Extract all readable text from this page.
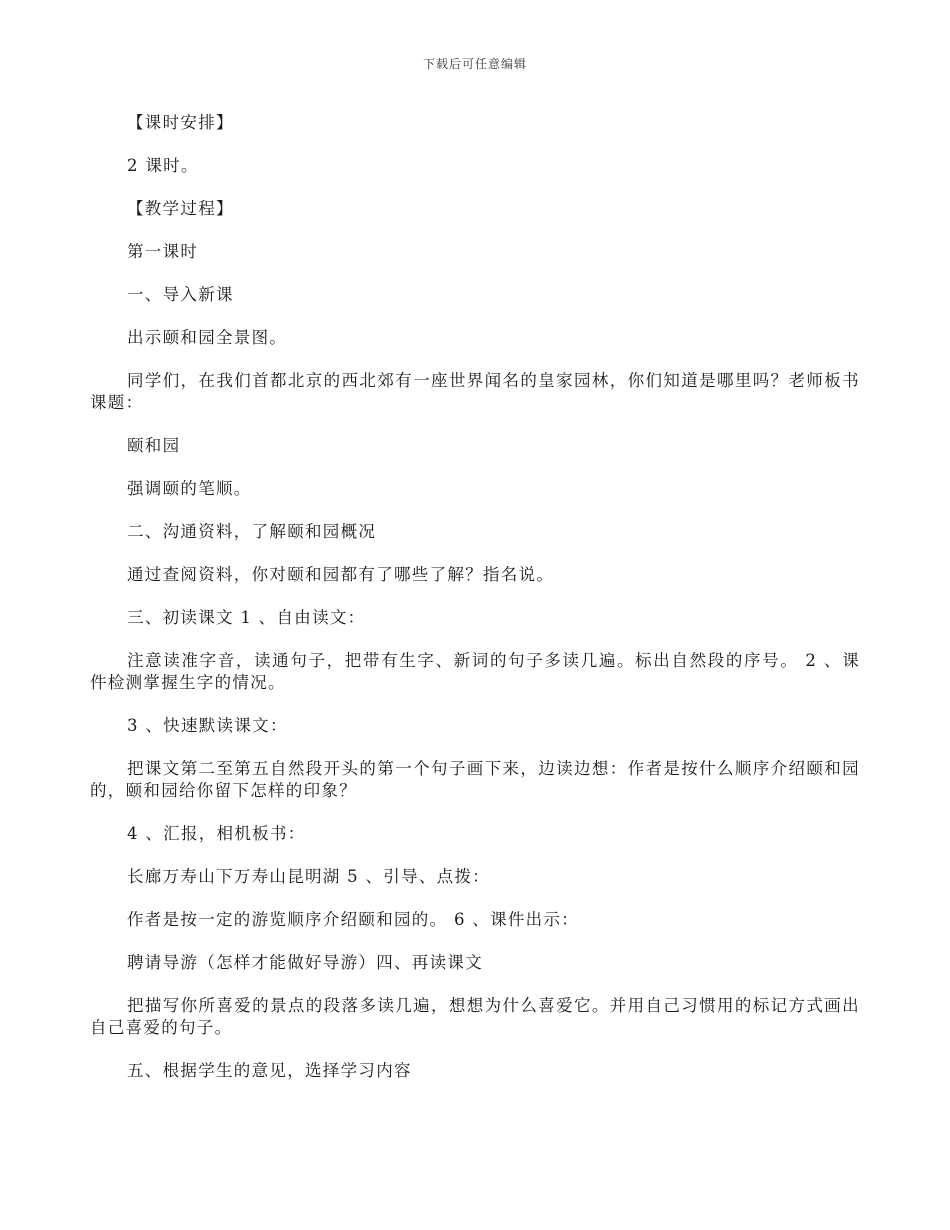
下载后可任意编辑

【课时安排】

2 课时。

【教学过程】

第一课时

一、导入新课

出示颐和园全景图。

同学们，在我们首都北京的西北郊有一座世界闻名的皇家园林，你们知道是哪里吗？老师板书课题：

颐和园

强调颐的笔顺。

二、沟通资料，了解颐和园概况

通过查阅资料，你对颐和园都有了哪些了解？指名说。

三、初读课文 1 、自由读文：

注意读准字音，读通句子，把带有生字、新词的句子多读几遍。标出自然段的序号。 2 、课件检测掌握生字的情况。

3 、快速默读课文：

把课文第二至第五自然段开头的第一个句子画下来，边读边想：作者是按什么顺序介绍颐和园的，颐和园给你留下怎样的印象？

4 、汇报，相机板书：

长廊万寿山下万寿山昆明湖 5 、引导、点拨：

作者是按一定的游览顺序介绍颐和园的。 6 、课件出示：

聘请导游（怎样才能做好导游）四、再读课文

把描写你所喜爱的景点的段落多读几遍，想想为什么喜爱它。并用自己习惯用的标记方式画出自己喜爱的句子。

五、根据学生的意见，选择学习内容
